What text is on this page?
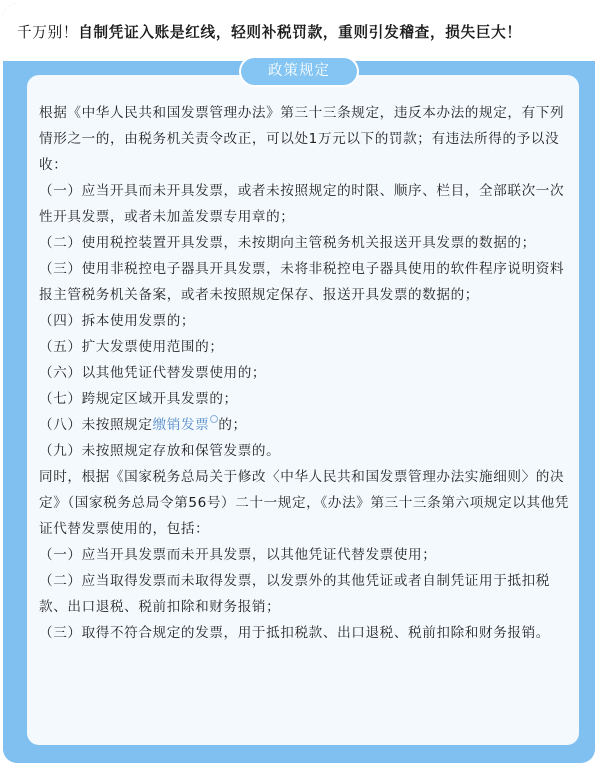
千万别！自制凭证入账是红线，轻则补税罚款，重则引发稽查，损失巨大！

根据《中华人民共和国发票管理办法》第三十三条规定，违反本办法的规定，有下列情形之一的，由税务机关责令改正，可以处1万元以下的罚款；有违法所得的予以没收：

（一）应当开具而未开具发票，或者未按照规定的时限、顺序、栏目，全部联次一次性开具发票，或者未加盖发票专用章的；

（二）使用税控装置开具发票，未按期向主管税务机关报送开具发票的数据的；

（三）使用非税控电子器具开具发票，未将非税控电子器具使用的软件程序说明资料报主管税务机关备案，或者未按照规定保存、报送开具发票的数据的；

（四）拆本使用发票的；

（五）扩大发票使用范围的；

（六）以其他凭证代替发票使用的；

（七）跨规定区域开具发票的；

（八）未按照规定缴销发票 的；

（九）未按照规定存放和保管发票的。

同时，根据《国家税务总局关于修改〈中华人民共和国发票管理办法实施细则〉的决定》（国家税务总局令第56号）二十一规定，《办法》第三十三条第六项规定以其他凭证代替发票使用的，包括：

（一）应当开具发票而未开具发票，以其他凭证代替发票使用；

（二）应当取得发票而未取得发票，以发票外的其他凭证或者自制凭证用于抵扣税款、出口退税、税前扣除和财务报销；

（三）取得不符合规定的发票，用于抵扣税款、出口退税、税前扣除和财务报销。

政策规定
